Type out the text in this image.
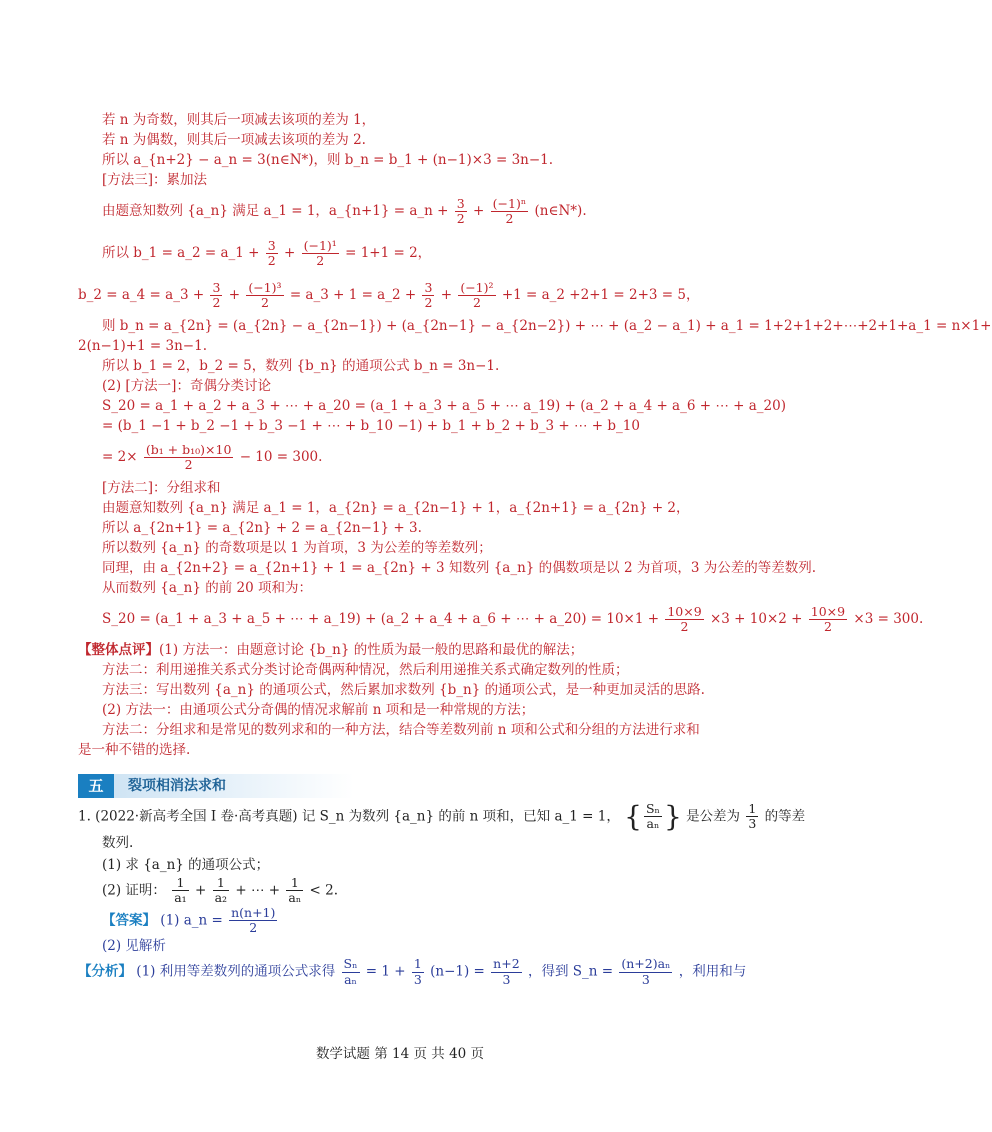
若 n 为奇数，则其后一项减去该项的差为 1，

若 n 为偶数，则其后一项减去该项的差为 2.

所以 a_{n+2} − a_n = 3(n∈N*)，则 b_n = b_1 + (n−1)×3 = 3n−1.

[方法三]：累加法

由题意知数列 {a_n} 满足 a_1 = 1，a_{n+1} = a_n + $\frac{3}{2} + \frac{\text{(−1)ⁿ}}{2}$ (n∈N*).

所以 b_1 = a_2 = a_1 + $\frac{3}{2} + \frac{\text{(−1)¹}}{2} = 1+1 = 2$，

b_2 = a_4 = a_3 + $\frac{3}{2} + \frac{\text{(−1)³}}{2}$ = a_3 + 1 = a_2 + $\frac{3}{2} + \frac{\text{(−1)²}}{2} +1$ = a_2 +2+1 = 2+3 = 5，

则 b_n = a_{2n} = (a_{2n} − a_{2n−1}) + (a_{2n−1} − a_{2n−2}) + ⋯ + (a_2 − a_1) + a_1 = 1+2+1+2+⋯+2+1+a_1 = n×1+

2(n−1)+1 = 3n−1.

所以 b_1 = 2，b_2 = 5，数列 {b_n} 的通项公式 b_n = 3n−1.

(2) [方法一]：奇偶分类讨论

S_20 = a_1 + a_2 + a_3 + ⋯ + a_20 = (a_1 + a_3 + a_5 + ⋯ a_19) + (a_2 + a_4 + a_6 + ⋯ + a_20)

= (b_1 −1 + b_2 −1 + b_3 −1 + ⋯ + b_10 −1) + b_1 + b_2 + b_3 + ⋯ + b_10

= $2\times \frac{\text{(b₁ + b₁₀)×10}}{2} - 10 = 300$.

[方法二]：分组求和

由题意知数列 {a_n} 满足 a_1 = 1，a_{2n} = a_{2n−1} + 1，a_{2n+1} = a_{2n} + 2，

所以 a_{2n+1} = a_{2n} + 2 = a_{2n−1} + 3.

所以数列 {a_n} 的奇数项是以 1 为首项，3 为公差的等差数列；

同理，由 a_{2n+2} = a_{2n+1} + 1 = a_{2n} + 3 知数列 {a_n} 的偶数项是以 2 为首项，3 为公差的等差数列.

从而数列 {a_n} 的前 20 项和为：

S_20 = (a_1 + a_3 + a_5 + ⋯ + a_19) + (a_2 + a_4 + a_6 + ⋯ + a_20) = $10\times 1 + \frac{10\times 9}{2} \times 3 + 10\times 2 + \frac{10\times 9}{2} \times 3 = 300$.

【整体点评】(1) 方法一：由题意讨论 {b_n} 的性质为最一般的思路和最优的解法；

方法二：利用递推关系式分类讨论奇偶两种情况，然后利用递推关系式确定数列的性质；

方法三：写出数列 {a_n} 的通项公式，然后累加求数列 {b_n} 的通项公式，是一种更加灵活的思路.

(2) 方法一：由通项公式分奇偶的情况求解前 n 项和是一种常规的方法；

方法二：分组求和是常见的数列求和的一种方法，结合等差数列前 n 项和公式和分组的方法进行求和

是一种不错的选择.

五	裂项相消法求和

1. (2022·新高考全国 Ⅰ 卷·高考真题) 记 S_n 为数列 {a_n} 的前 n 项和，已知 a_1 = 1， { $\frac{\text{Sₙ}}{\text{aₙ}}$ } 是公差为 $\frac{1}{3}$ 的等差

数列.

(1) 求 {a_n} 的通项公式；

(2) 证明： $\frac{1}{\text{a₁}} + \frac{1}{\text{a₂}}$ + ⋯ + $\frac{1}{\text{aₙ}} < 2$.

【答案】 (1) a_n = $\frac{n(n+1)}{2}$

(2) 见解析

【分析】 (1) 利用等差数列的通项公式求得 $\frac{\text{Sₙ}}{\text{aₙ}} = 1 + \frac{1}{3} (n-1) = \frac{n+2}{3}$ ，得到 S_n = $\frac{\text{(n+2)aₙ}}{3}$ ，利用和与

数学试题 第 14 页 共 40 页
